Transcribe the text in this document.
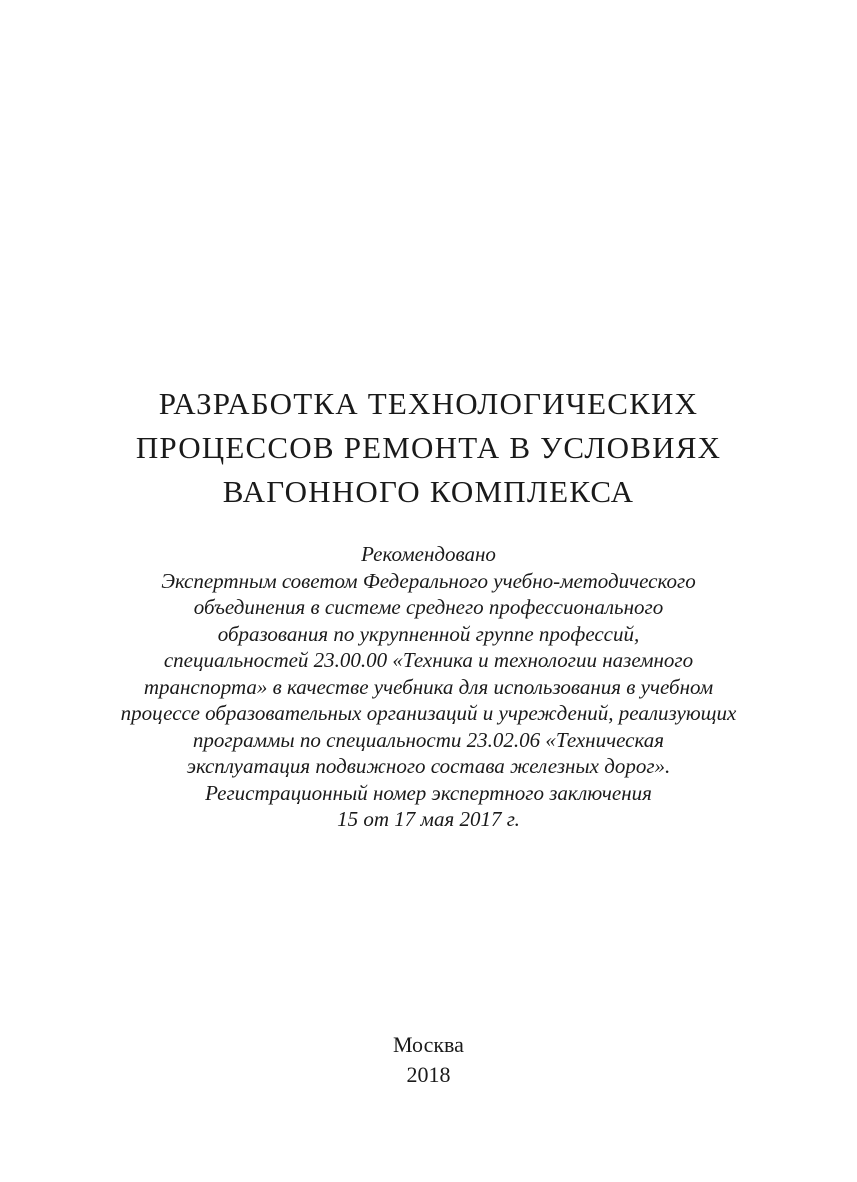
РАЗРАБОТКА ТЕХНОЛОГИЧЕСКИХ
ПРОЦЕССОВ РЕМОНТА В УСЛОВИЯХ
ВАГОННОГО КОМПЛЕКСА
Рекомендовано
Экспертным советом Федерального учебно-методического
объединения в системе среднего профессионального
образования по укрупненной группе профессий,
специальностей 23.00.00 «Техника и технологии наземного
транспорта» в качестве учебника для использования в учебном
процессе образовательных организаций и учреждений, реализующих
программы по специальности 23.02.06 «Техническая
эксплуатация подвижного состава железных дорог».
Регистрационный номер экспертного заключения
15 от 17 мая 2017 г.
Москва
2018
